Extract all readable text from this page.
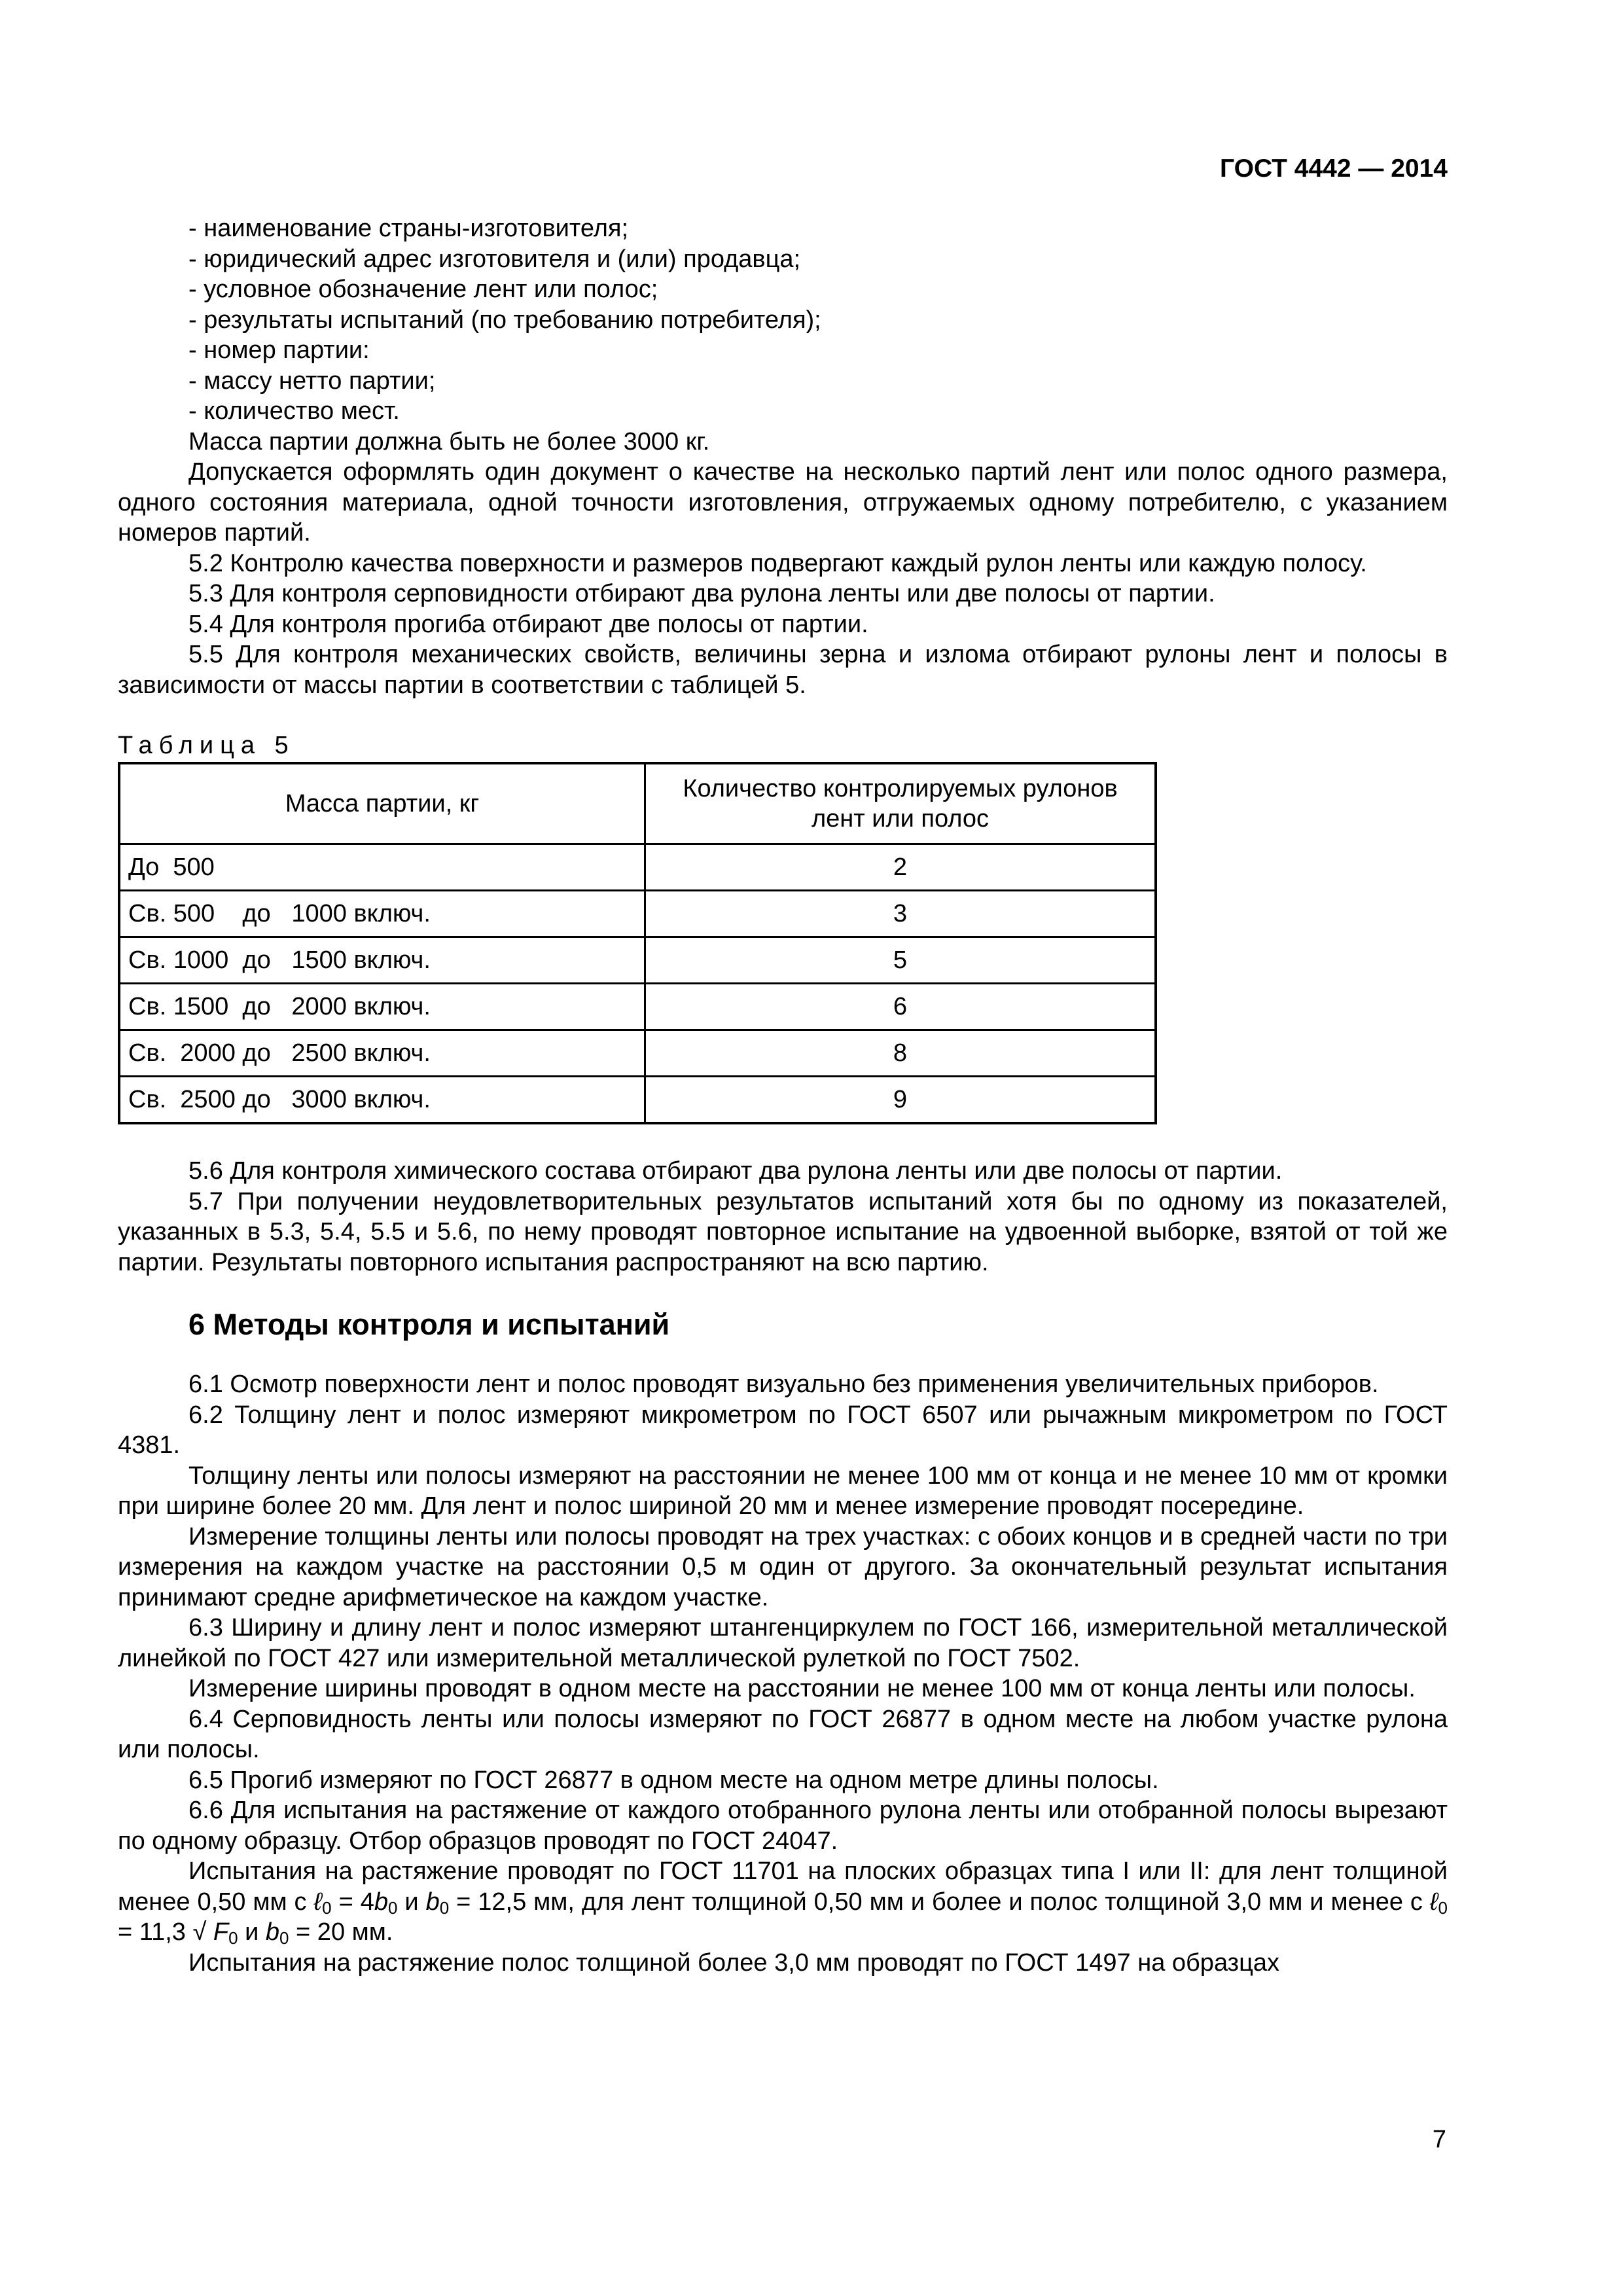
ГОСТ 4442 — 2014
- наименование страны-изготовителя;
- юридический адрес изготовителя и (или) продавца;
- условное обозначение лент или полос;
- результаты испытаний (по требованию потребителя);
- номер партии:
- массу нетто партии;
- количество мест.

Масса партии должна быть не более 3000 кг.

Допускается оформлять один документ о качестве на несколько партий лент или полос одного размера, одного состояния материала, одной точности изготовления, отгружаемых одному потребителю, с указанием номеров партий.

5.2 Контролю качества поверхности и размеров подвергают каждый рулон ленты или каждую полосу.

5.3 Для контроля серповидности отбирают два рулона ленты или две полосы от партии.

5.4 Для контроля прогиба отбирают две полосы от партии.

5.5 Для контроля механических свойств, величины зерна и излома отбирают рулоны лент и полосы в зависимости от массы партии в соответствии с таблицей 5.

Таблица 5
Масса партии, кг	Количество контролируемых рулонов лент или полос
До  500	2
Св. 500    до   1000 включ.	3
Св. 1000  до   1500 включ.	5
Св. 1500  до   2000 включ.	6
Св.  2000 до   2500 включ.	8
Св.  2500 до   3000 включ.	9

5.6 Для контроля химического состава отбирают два рулона ленты или две полосы от партии.

5.7 При получении неудовлетворительных результатов испытаний хотя бы по одному из показателей, указанных в 5.3, 5.4, 5.5 и 5.6, по нему проводят повторное испытание на удвоенной выборке, взятой от той же партии. Результаты повторного испытания распространяют на всю партию.

6 Методы контроля и испытаний

6.1 Осмотр поверхности лент и полос проводят визуально без применения увеличительных приборов.

6.2 Толщину лент и полос измеряют микрометром по ГОСТ 6507 или рычажным микрометром по ГОСТ 4381.

Толщину ленты или полосы измеряют на расстоянии не менее 100 мм от конца и не менее 10 мм от кромки при ширине более 20 мм. Для лент и полос шириной 20 мм и менее измерение проводят посередине.

Измерение толщины ленты или полосы проводят на трех участках: с обоих концов и в средней части по три измерения на каждом участке на расстоянии 0,5 м один от другого. За окончательный результат испытания принимают средне арифметическое на каждом участке.

6.3 Ширину и длину лент и полос измеряют штангенциркулем по ГОСТ 166, измерительной металлической линейкой по ГОСТ 427 или измерительной металлической рулеткой по ГОСТ 7502.

Измерение ширины проводят в одном месте на расстоянии не менее 100 мм от конца ленты или полосы.

6.4 Серповидность ленты или полосы измеряют по ГОСТ 26877 в одном месте на любом участке рулона или полосы.

6.5 Прогиб измеряют по ГОСТ 26877 в одном месте на одном метре длины полосы.

6.6 Для испытания на растяжение от каждого отобранного рулона ленты или отобранной полосы вырезают по одному образцу. Отбор образцов проводят по ГОСТ 24047.

Испытания на растяжение проводят по ГОСТ 11701 на плоских образцах типа I или II: для лент толщиной менее 0,50 мм с ℓ$_0$ = $4b_0$ и $b_0 = 12,5$ мм, для лент толщиной 0,50 мм и более и полос толщиной 3,0 мм и менее с ℓ$_0$ = 11,3 √ $F_0$ и $b_0 = 20$ мм.

Испытания на растяжение полос толщиной более 3,0 мм проводят по ГОСТ 1497 на образцах

7
